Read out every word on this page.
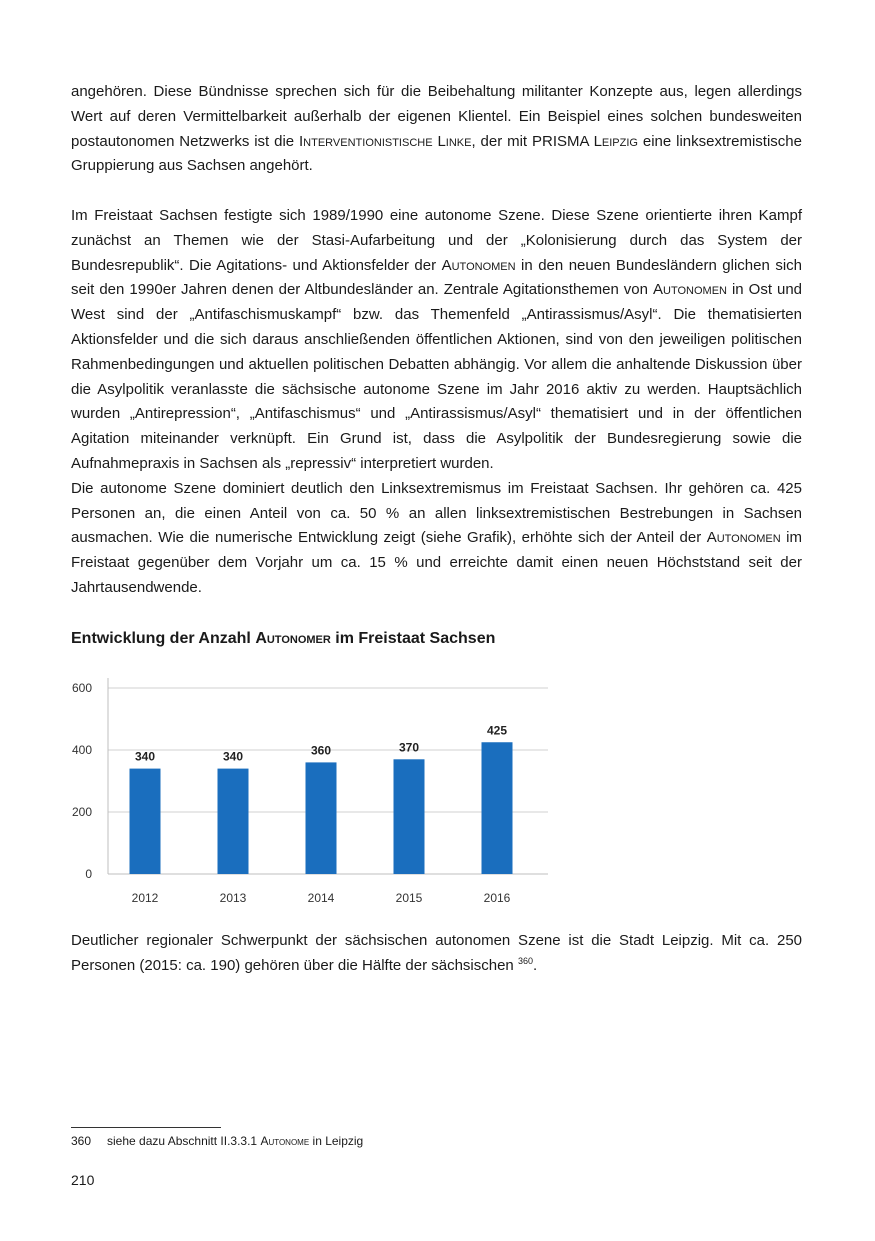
angehören. Diese Bündnisse sprechen sich für die Beibehaltung militanter Konzepte aus, legen allerdings Wert auf deren Vermittelbarkeit außerhalb der eigenen Klientel. Ein Beispiel eines solchen bundesweiten postautonomen Netzwerks ist die Interventionistische Linke, der mit PRISMA Leipzig eine linksextremistische Gruppierung aus Sachsen angehört.

Im Freistaat Sachsen festigte sich 1989/1990 eine autonome Szene. Diese Szene orientierte ihren Kampf zunächst an Themen wie der Stasi-Aufarbeitung und der „Kolonisierung durch das System der Bundesrepublik“. Die Agitations- und Aktionsfelder der Autonomen in den neuen Bundesländern glichen sich seit den 1990er Jahren denen der Altbundesländer an. Zentrale Agitationsthemen von Autonomen in Ost und West sind der „Antifaschismuskampf“ bzw. das Themenfeld „Antirassismus/Asyl“. Die thematisierten Aktionsfelder und die sich daraus anschließenden öffentlichen Aktionen, sind von den jeweiligen politischen Rahmenbedingungen und aktuellen politischen Debatten abhängig. Vor allem die anhaltende Diskussion über die Asylpolitik veranlasste die sächsische autonome Szene im Jahr 2016 aktiv zu werden. Hauptsächlich wurden „Antirepression“, „Antifaschismus“ und „Antirassismus/Asyl“ thematisiert und in der öffentlichen Agitation miteinander verknüpft. Ein Grund ist, dass die Asylpolitik der Bundesregierung sowie die Aufnahmepraxis in Sachsen als „repressiv“ interpretiert wurden.

Die autonome Szene dominiert deutlich den Linksextremismus im Freistaat Sachsen. Ihr gehören ca. 425 Personen an, die einen Anteil von ca. 50 % an allen linksextremistischen Bestrebungen in Sachsen ausmachen. Wie die numerische Entwicklung zeigt (siehe Grafik), erhöhte sich der Anteil der Autonomen im Freistaat gegenüber dem Vorjahr um ca. 15 % und erreichte damit einen neuen Höchststand seit der Jahrtausendwende.

Entwicklung der Anzahl Autonomer im Freistaat Sachsen
0
200
400
600
340
2012
340
2013
360
2014
370
2015
425
2016

Deutlicher regionaler Schwerpunkt der sächsischen autonomen Szene ist die Stadt Leipzig. Mit ca. 250 Personen (2015: ca. 190) gehören über die Hälfte der sächsischen $^{360}$.

360 siehe dazu Abschnitt II.3.3.1 Autonome in Leipzig
210
